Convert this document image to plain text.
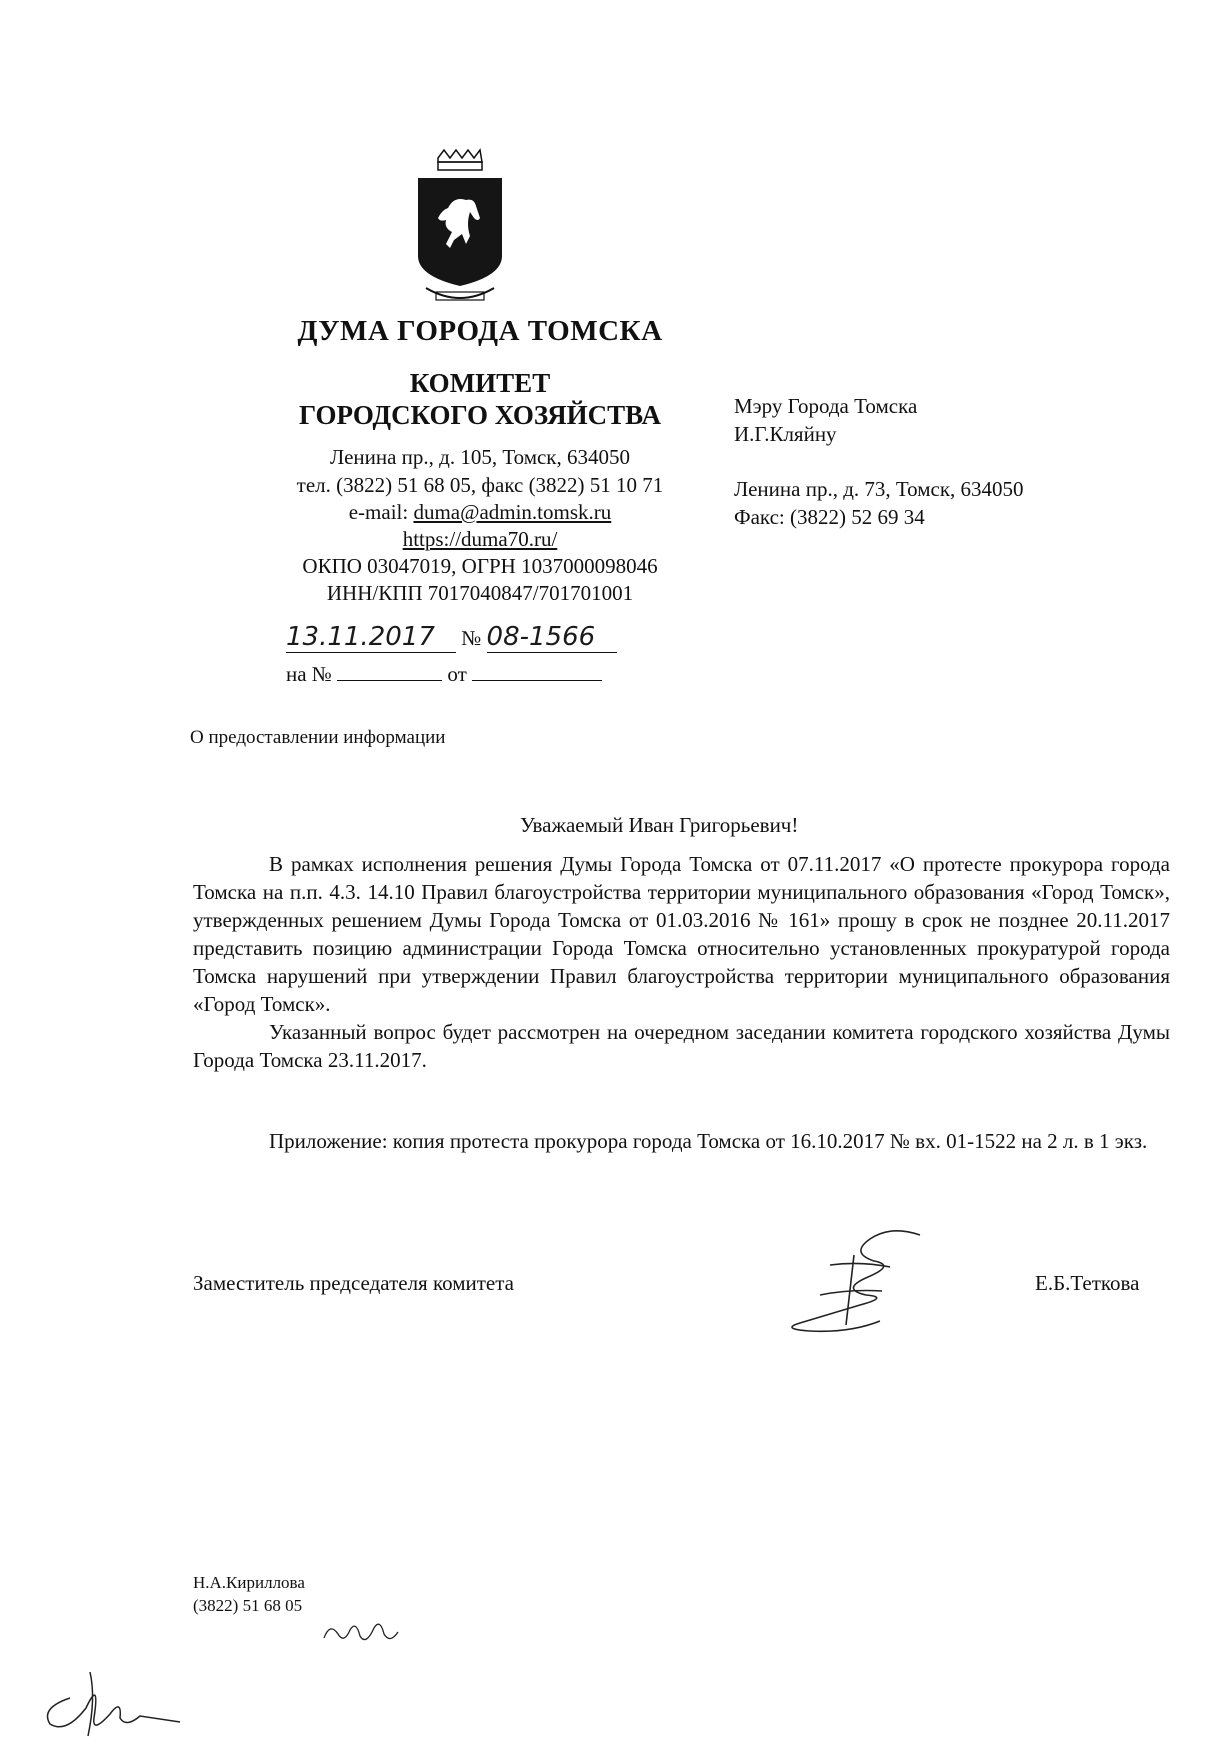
ДУМА ГОРОДА ТОМСКА
КОМИТЕТ
ГОРОДСКОГО ХОЗЯЙСТВА
Ленина пр., д. 105, Томск, 634050
тел. (3822) 51 68 05, факс (3822) 51 10 71
e-mail: duma@admin.tomsk.ru
https://duma70.ru/
ОКПО 03047019, ОГРН 1037000098046
ИНН/КПП 7017040847/701701001
13.11.2017 № 08-1566
на №	от
Мэру Города Томска
И.Г.Кляйну
Ленина пр., д. 73, Томск, 634050
Факс: (3822) 52 69 34
О предоставлении информации
Уважаемый Иван Григорьевич!

В рамках исполнения решения Думы Города Томска от 07.11.2017 «О протесте прокурора города Томска на п.п. 4.3. 14.10 Правил благоустройства территории муниципального образования «Город Томск», утвержденных решением Думы Города Томска от 01.03.2016 № 161» прошу в срок не позднее 20.11.2017 представить позицию администрации Города Томска относительно установленных прокуратурой города Томска нарушений при утверждении Правил благоустройства территории муниципального образования «Город Томск».

Указанный вопрос будет рассмотрен на очередном заседании комитета городского хозяйства Думы Города Томска 23.11.2017.

Приложение: копия протеста прокурора города Томска от 16.10.2017 № вх. 01-1522 на 2 л. в 1 экз.

Заместитель председателя комитета	Е.Б.Теткова
Н.А.Кириллова
(3822) 51 68 05
